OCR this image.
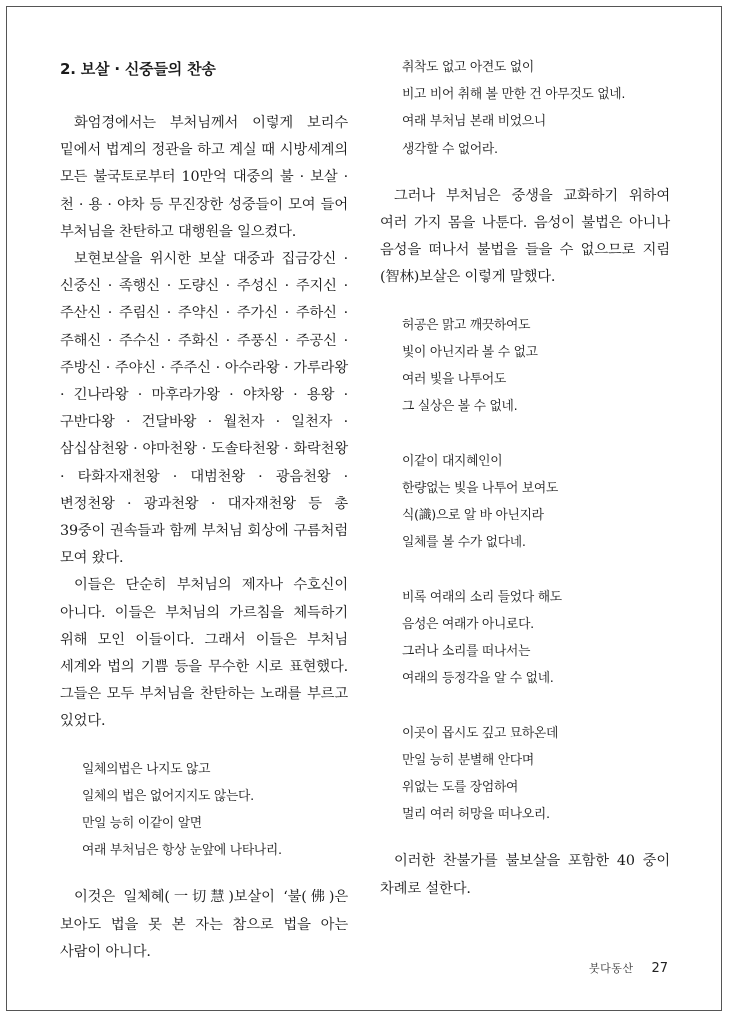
2. 보살 · 신중들의 찬송

화엄경에서는 부처님께서 이렇게 보리수 밑에서 법계의 정관을 하고 계실 때 시방세계의 모든 불국토로부터 10만억 대중의 불 · 보살 · 천 · 용 · 야차 등 무진장한 성중들이 모여 들어 부처님을 찬탄하고 대행원을 일으켰다.

보현보살을 위시한 보살 대중과 집금강신 · 신중신 · 족행신 · 도량신 · 주성신 · 주지신 · 주산신 · 주림신 · 주약신 · 주가신 · 주하신 · 주해신 · 주수신 · 주화신 · 주풍신 · 주공신 · 주방신 · 주야신 · 주주신 · 아수라왕 · 가루라왕 · 긴나라왕 · 마후라가왕 · 야차왕 · 용왕 · 구반다왕 · 건달바왕 · 월천자 · 일천자 · 삼십삼천왕 · 야마천왕 · 도솔타천왕 · 화락천왕 · 타화자재천왕 · 대범천왕 · 광음천왕 · 변정천왕 · 광과천왕 · 대자재천왕 등 총 39중이 권속들과 함께 부처님 회상에 구름처럼 모여 왔다.

이들은 단순히 부처님의 제자나 수호신이 아니다. 이들은 부처님의 가르침을 체득하기 위해 모인 이들이다. 그래서 이들은 부처님 세계와 법의 기쁨 등을 무수한 시로 표현했다. 그들은 모두 부처님을 찬탄하는 노래를 부르고 있었다.

일체의법은 나지도 않고
일체의 법은 없어지지도 않는다.
만일 능히 이같이 알면
여래 부처님은 항상 눈앞에 나타나리.

이것은 일체혜(一切慧)보살이 ‘불(佛)은 보아도 법을 못 본 자는 참으로 법을 아는 사람이 아니다.

취착도 없고 아견도 없이
비고 비어 취해 볼 만한 건 아무것도 없네.
여래 부처님 본래 비었으니
생각할 수 없어라.

그러나 부처님은 중생을 교화하기 위하여 여러 가지 몸을 나툰다. 음성이 불법은 아니나 음성을 떠나서 불법을 들을 수 없으므로 지림(智林)보살은 이렇게 말했다.

허공은 맑고 깨끗하여도
빛이 아닌지라 볼 수 없고
여러 빛을 나투어도
그 실상은 볼 수 없네.
이같이 대지혜인이
한량없는 빛을 나투어 보여도
식(識)으로 알 바 아닌지라
일체를 볼 수가 없다네.
비록 여래의 소리 들었다 해도
음성은 여래가 아니로다.
그러나 소리를 떠나서는
여래의 등정각을 알 수 없네.
이곳이 몹시도 깊고 묘하온데
만일 능히 분별해 안다며
위없는 도를 장엄하여
멀리 여러 허망을 떠나오리.

이러한 찬불가를 불보살을 포함한 40 중이 차례로 설한다.

붓다동산 27
